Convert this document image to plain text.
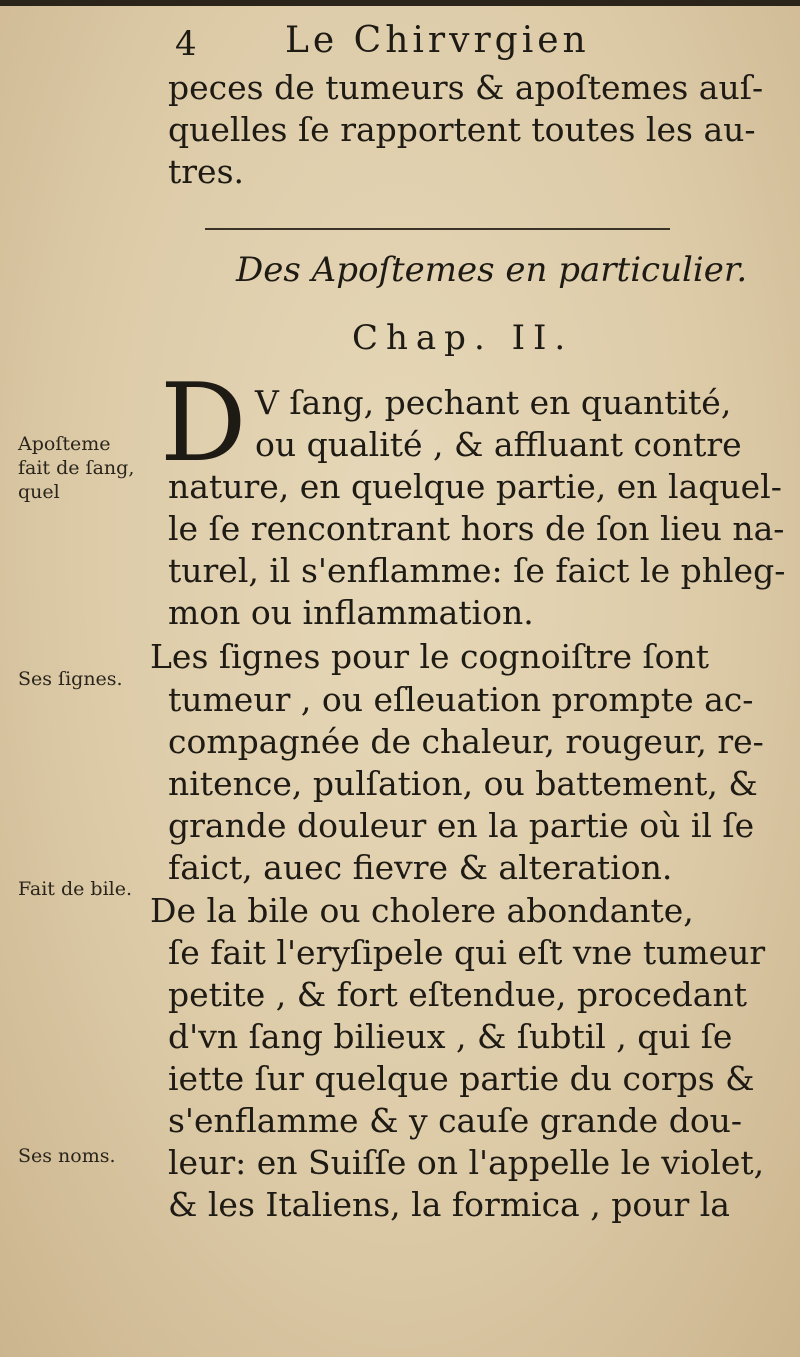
4 Le Chirvrgien
peces de tumeurs & apoſtemes auſ-
quelles ſe rapportent toutes les au-
tres.
Des Apoſtemes en particulier.
Chap. II.
D V ſang, pechant en quantité,
ou qualité , & affluant contre
nature, en quelque partie, en laquel-
le ſe rencontrant hors de ſon lieu na-
turel, il s'enflamme: ſe faict le phleg-
mon ou inflammation.
Les ſignes pour le cognoiſtre ſont
tumeur , ou eſleuation prompte ac-
compagnée de chaleur, rougeur, re-
nitence, pulſation, ou battement, &
grande douleur en la partie où il ſe
faict, auec fievre & alteration.
De la bile ou cholere abondante,
ſe fait l'eryſipele qui eſt vne tumeur
petite , & fort eſtendue, procedant
d'vn ſang bilieux , & ſubtil , qui ſe
iette ſur quelque partie du corps &
s'enflamme & y cauſe grande dou-
leur: en Suiſſe on l'appelle le violet,
& les Italiens, la formica , pour la
Apoſteme
fait de ſang,
quel
Ses ſignes.
Fait de bile.
Ses noms.
